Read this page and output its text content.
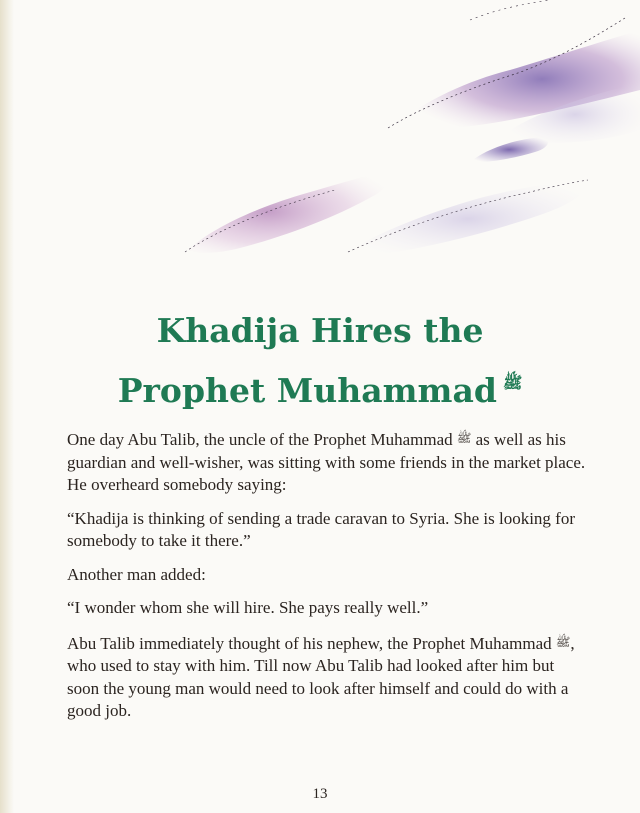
Khadija Hires the
Prophet Muhammad $^ﷺ$

One day Abu Talib, the uncle of the Prophet Muhammad ﷺ as well as his guardian and well-wisher, was sitting with some friends in the market place. He overheard somebody saying:

“Khadija is thinking of sending a trade caravan to Syria. She is looking for somebody to take it there.”

Another man added:

“I wonder whom she will hire. She pays really well.”

Abu Talib immediately thought of his nephew, the Prophet Muhammad ﷺ, who used to stay with him. Till now Abu Talib had looked after him but soon the young man would need to look after himself and could do with a good job.

13
